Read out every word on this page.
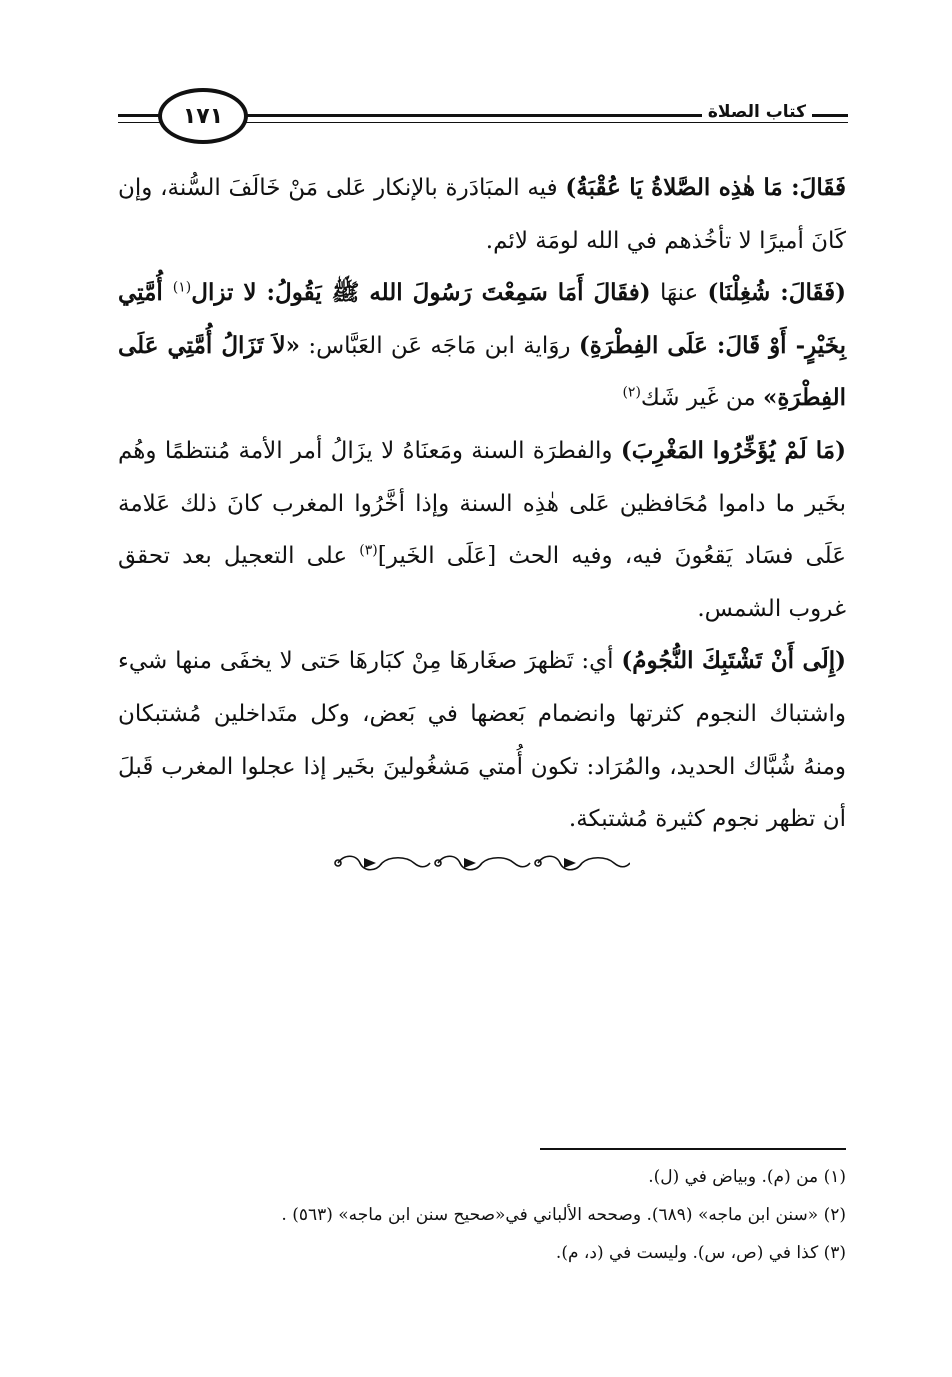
١٧١	كتاب الصلاة

فَقَالَ: مَا هٰذِه الصَّلاةُ يَا عُقْبَةُ) فيه المبَادَرة بالإنكار عَلى مَنْ خَالَفَ السُّنة، وإن كَانَ أميرًا لا تأخُذهم في الله لومَة لائم.

(فَقَالَ: شُغِلْنَا) عنهَا (فقَالَ أَمَا سَمِعْتَ رَسُولَ الله ﷺ يَقُولُ: لا تزال$^{(١)}$ أُمَّتِي بِخَيْرٍ- أَوْ قَالَ: عَلَى الفِطْرَةِ) روَاية ابن مَاجَه عَن العَبَّاس: «لاَ تَزَالُ أُمَّتِي عَلَى الفِطْرَةِ» من غَير شَك$^{(٢)}$

(مَا لَمْ يُؤَخِّرُوا المَغْرِبَ) والفطرَة السنة ومَعنَاهُ لا يزَالُ أمر الأمة مُنتظمًا وهُم بخَير ما داموا مُحَافظين عَلى هٰذِه السنة وإذا أخَّرُوا المغرب كانَ ذلك عَلامة عَلَى فسَاد يَقعُونَ فيه، وفيه الحث [عَلَى الخَير]$^{(٣)}$ على التعجيل بعد تحقق غروب الشمس.

(إِلَى أَنْ تَشْتَبِكَ النُّجُومُ) أي: تَظهرَ صغَارهَا مِنْ كبَارهَا حَتى لا يخفَى منها شيء واشتباك النجوم كثرتها وانضمام بَعضها في بَعض، وكل متَداخلين مُشتبكان ومنهُ شُبَّاك الحديد، والمُرَاد: تكون أُمتي مَشغُولينَ بخَير إذا عجلوا المغرب قَبلَ أن تظهر نجوم كثيرة مُشتبكة.

(١) من (م). وبياض في (ل).

(٢) «سنن ابن ماجه» (٦٨٩). وصححه الألباني في«صحيح سنن ابن ماجه» (٥٦٣) .

(٣) كذا في (ص، س). وليست في (د، م).
